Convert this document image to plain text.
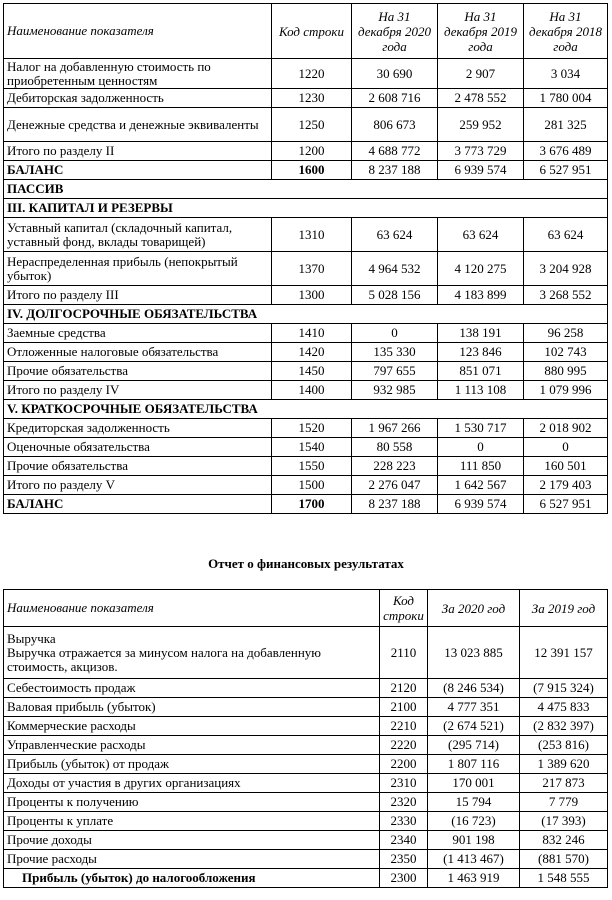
Наименование показателя	Код строки	На 31 декабря 2020 года	На 31 декабря 2019 года	На 31 декабря 2018 года
Налог на добавленную стоимость по приобретенным ценностям	1220	30 690	2 907	3 034
Дебиторская задолженность	1230	2 608 716	2 478 552	1 780 004
Денежные средства и денежные эквиваленты	1250	806 673	259 952	281 325
Итого по разделу II	1200	4 688 772	3 773 729	3 676 489
БАЛАНС	1600	8 237 188	6 939 574	6 527 951
ПАССИВ				
III. КАПИТАЛ И РЕЗЕРВЫ				
Уставный капитал (складочный капитал, уставный фонд, вклады товарищей)	1310	63 624	63 624	63 624
Нераспределенная прибыль (непокрытый убыток)	1370	4 964 532	4 120 275	3 204 928
Итого по разделу III	1300	5 028 156	4 183 899	3 268 552
IV. ДОЛГОСРОЧНЫЕ ОБЯЗАТЕЛЬСТВА				
Заемные средства	1410	0	138 191	96 258
Отложенные налоговые обязательства	1420	135 330	123 846	102 743
Прочие обязательства	1450	797 655	851 071	880 995
Итого по разделу IV	1400	932 985	1 113 108	1 079 996
V. КРАТКОСРОЧНЫЕ ОБЯЗАТЕЛЬСТВА				
Кредиторская задолженность	1520	1 967 266	1 530 717	2 018 902
Оценочные обязательства	1540	80 558	0	0
Прочие обязательства	1550	228 223	111 850	160 501
Итого по разделу V	1500	2 276 047	1 642 567	2 179 403
БАЛАНС	1700	8 237 188	6 939 574	6 527 951
Отчет о финансовых результатах
Наименование показателя	Код строки	За 2020 год	За 2019 год
Выручка
Выручка отражается за минусом налога на добавленную стоимость, акцизов.	2110	13 023 885	12 391 157
Себестоимость продаж	2120	(8 246 534)	(7 915 324)
Валовая прибыль (убыток)	2100	4 777 351	4 475 833
Коммерческие расходы	2210	(2 674 521)	(2 832 397)
Управленческие расходы	2220	(295 714)	(253 816)
Прибыль (убыток) от продаж	2200	1 807 116	1 389 620
Доходы от участия в других организациях	2310	170 001	217 873
Проценты к получению	2320	15 794	7 779
Проценты к уплате	2330	(16 723)	(17 393)
Прочие доходы	2340	901 198	832 246
Прочие расходы	2350	(1 413 467)	(881 570)
Прибыль (убыток) до налогообложения	2300	1 463 919	1 548 555
